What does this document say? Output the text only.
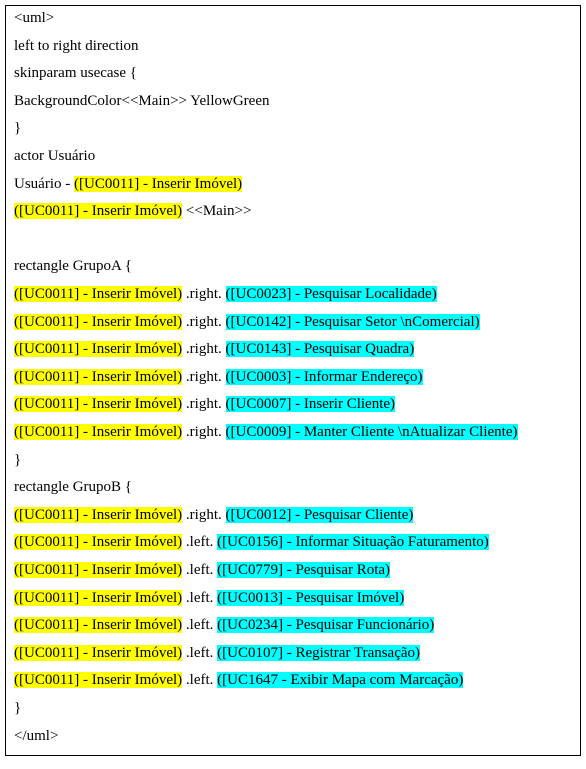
<uml>
left to right direction
skinparam usecase {
BackgroundColor<<Main>> YellowGreen
}
actor Usuário
Usuário - ([UC0011] - Inserir Imóvel)
([UC0011] - Inserir Imóvel) <<Main>>
rectangle GrupoA {
([UC0011] - Inserir Imóvel) .right. ([UC0023] - Pesquisar Localidade)
([UC0011] - Inserir Imóvel) .right. ([UC0142] - Pesquisar Setor \nComercial)
([UC0011] - Inserir Imóvel) .right. ([UC0143] - Pesquisar Quadra)
([UC0011] - Inserir Imóvel) .right. ([UC0003] - Informar Endereço)
([UC0011] - Inserir Imóvel) .right. ([UC0007] - Inserir Cliente)
([UC0011] - Inserir Imóvel) .right. ([UC0009] - Manter Cliente \nAtualizar Cliente)
}
rectangle GrupoB {
([UC0011] - Inserir Imóvel) .right. ([UC0012] - Pesquisar Cliente)
([UC0011] - Inserir Imóvel) .left. ([UC0156] - Informar Situação Faturamento)
([UC0011] - Inserir Imóvel) .left. ([UC0779] - Pesquisar Rota)
([UC0011] - Inserir Imóvel) .left. ([UC0013] - Pesquisar Imóvel)
([UC0011] - Inserir Imóvel) .left. ([UC0234] - Pesquisar Funcionário)
([UC0011] - Inserir Imóvel) .left. ([UC0107] - Registrar Transação)
([UC0011] - Inserir Imóvel) .left. ([UC1647 - Exibir Mapa com Marcação)
}
</uml>
